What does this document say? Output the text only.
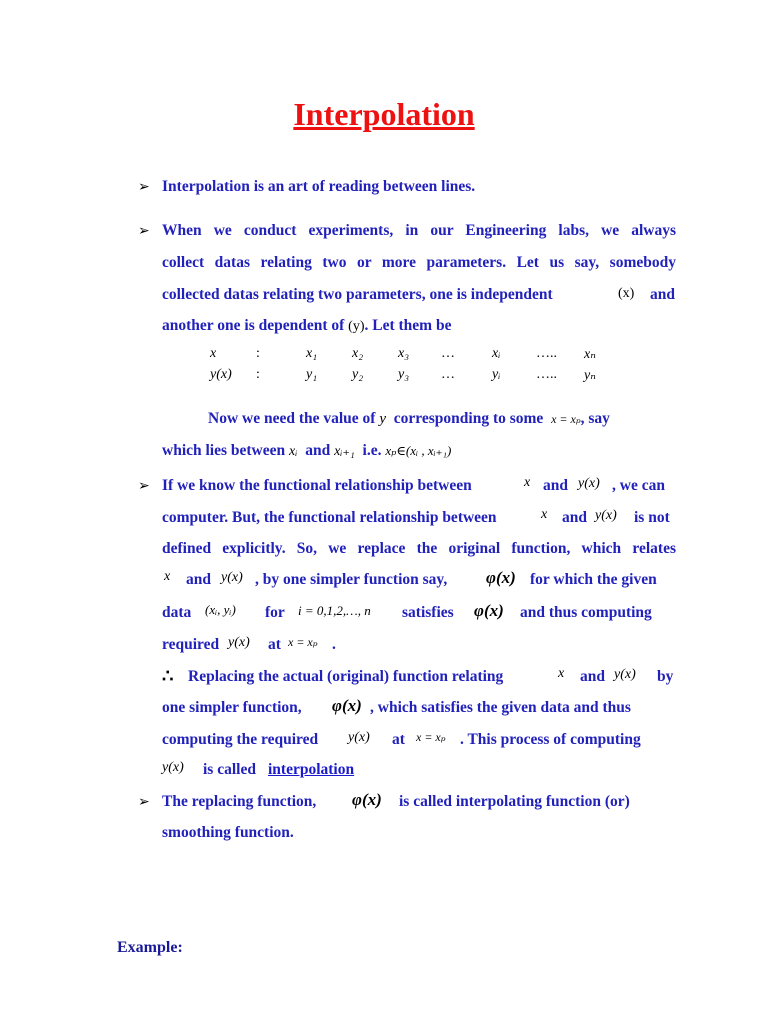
Interpolation
➢ Interpolation is an art of reading between lines.
➢ When we conduct experiments, in our Engineering labs, we always
collect datas relating two or more parameters. Let us say, somebody
collected datas relating two parameters, one is independent	(x) and
another one is dependent of (y). Let them be
x	:	x₁ x₂ x₃ …	xᵢ	….. xₙ
y(x) :	y₁ y₂ y₃ …	yᵢ	….. yₙ
Now we need the value of y corresponding to some x = xₚ, say
which lies between xᵢ and xᵢ₊₁ i.e. xₚ∈(xᵢ , xᵢ₊₁)
➢ If we know the functional relationship between	x and y(x) , we can
computer. But, the functional relationship between	x and y(x) is not
defined explicitly. So, we replace the original function, which relates
x and y(x) , by one simpler function say, φ(x) for which the given
data (xᵢ, yᵢ) for i = 0,1,2,…, n satisfies φ(x) and thus computing
required y(x) at x = xₚ .
∴ Replacing the actual (original) function relating	x and y(x) by
one simpler function, φ(x) , which satisfies the given data and thus
computing the required y(x) at x = xₚ . This process of computing
y(x) is called interpolation
➢ The replacing function, φ(x) is called interpolating function (or)
smoothing function.
Example:
